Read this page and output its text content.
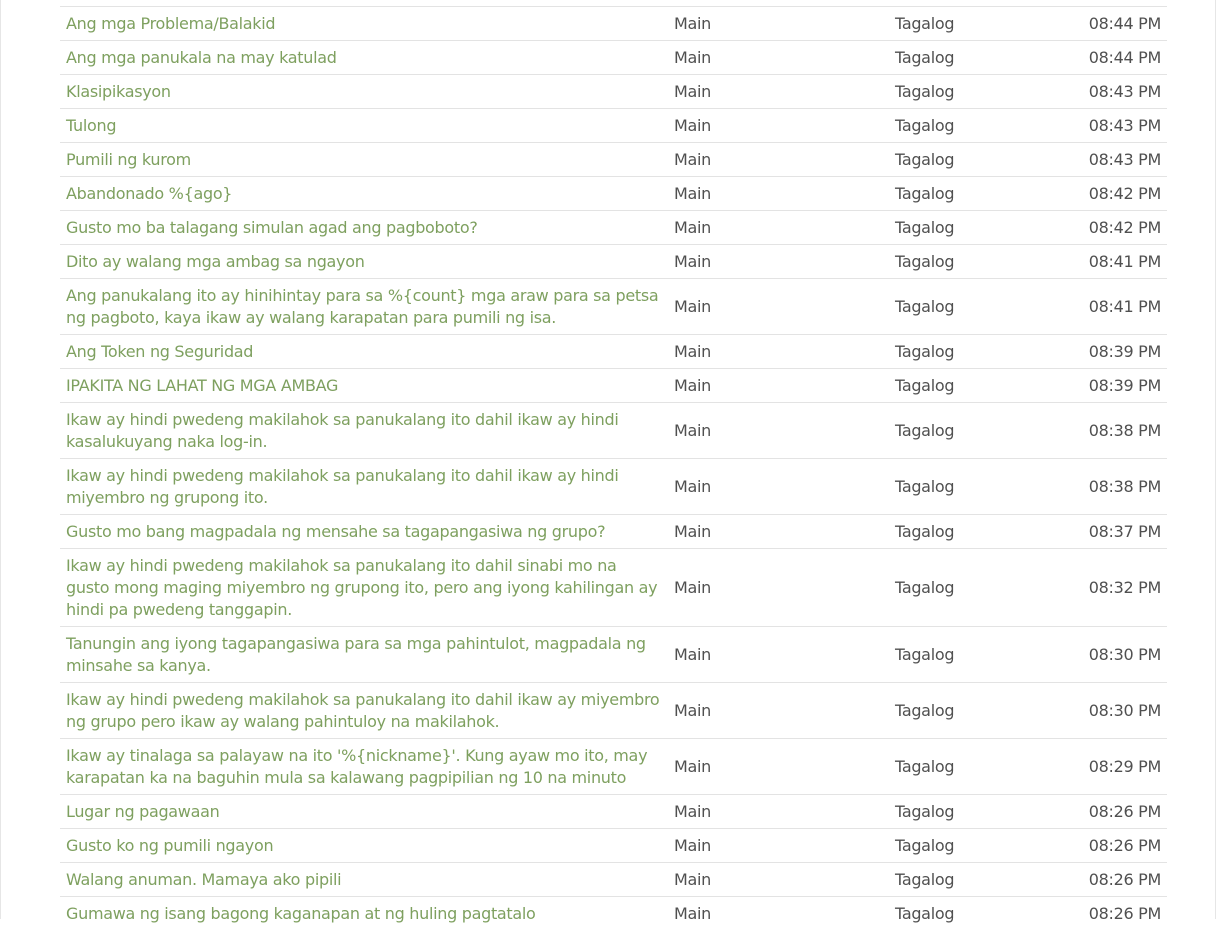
Ang mga Problema/Balakid	Main	Tagalog	08:44 PM
Ang mga panukala na may katulad	Main	Tagalog	08:44 PM
Klasipikasyon	Main	Tagalog	08:43 PM
Tulong	Main	Tagalog	08:43 PM
Pumili ng kurom	Main	Tagalog	08:43 PM
Abandonado %{ago}	Main	Tagalog	08:42 PM
Gusto mo ba talagang simulan agad ang pagboboto?	Main	Tagalog	08:42 PM
Dito ay walang mga ambag sa ngayon	Main	Tagalog	08:41 PM
Ang panukalang ito ay hinihintay para sa %{count} mga araw para sa petsa ng pagboto, kaya ikaw ay walang karapatan para pumili ng isa.	Main	Tagalog	08:41 PM
Ang Token ng Seguridad	Main	Tagalog	08:39 PM
IPAKITA NG LAHAT NG MGA AMBAG	Main	Tagalog	08:39 PM
Ikaw ay hindi pwedeng makilahok sa panukalang ito dahil ikaw ay hindi kasalukuyang naka log-in.	Main	Tagalog	08:38 PM
Ikaw ay hindi pwedeng makilahok sa panukalang ito dahil ikaw ay hindi miyembro ng grupong ito.	Main	Tagalog	08:38 PM
Gusto mo bang magpadala ng mensahe sa tagapangasiwa ng grupo?	Main	Tagalog	08:37 PM
Ikaw ay hindi pwedeng makilahok sa panukalang ito dahil sinabi mo na gusto mong maging miyembro ng grupong ito, pero ang iyong kahilingan ay hindi pa pwedeng tanggapin.	Main	Tagalog	08:32 PM
Tanungin ang iyong tagapangasiwa para sa mga pahintulot, magpadala ng minsahe sa kanya.	Main	Tagalog	08:30 PM
Ikaw ay hindi pwedeng makilahok sa panukalang ito dahil ikaw ay miyembro ng grupo pero ikaw ay walang pahintuloy na makilahok.	Main	Tagalog	08:30 PM
Ikaw ay tinalaga sa palayaw na ito '%{nickname}'. Kung ayaw mo ito, may karapatan ka na baguhin mula sa kalawang pagpipilian ng 10 na minuto	Main	Tagalog	08:29 PM
Lugar ng pagawaan	Main	Tagalog	08:26 PM
Gusto ko ng pumili ngayon	Main	Tagalog	08:26 PM
Walang anuman. Mamaya ako pipili	Main	Tagalog	08:26 PM
Gumawa ng isang bagong kaganapan at ng huling pagtatalo	Main	Tagalog	08:26 PM
